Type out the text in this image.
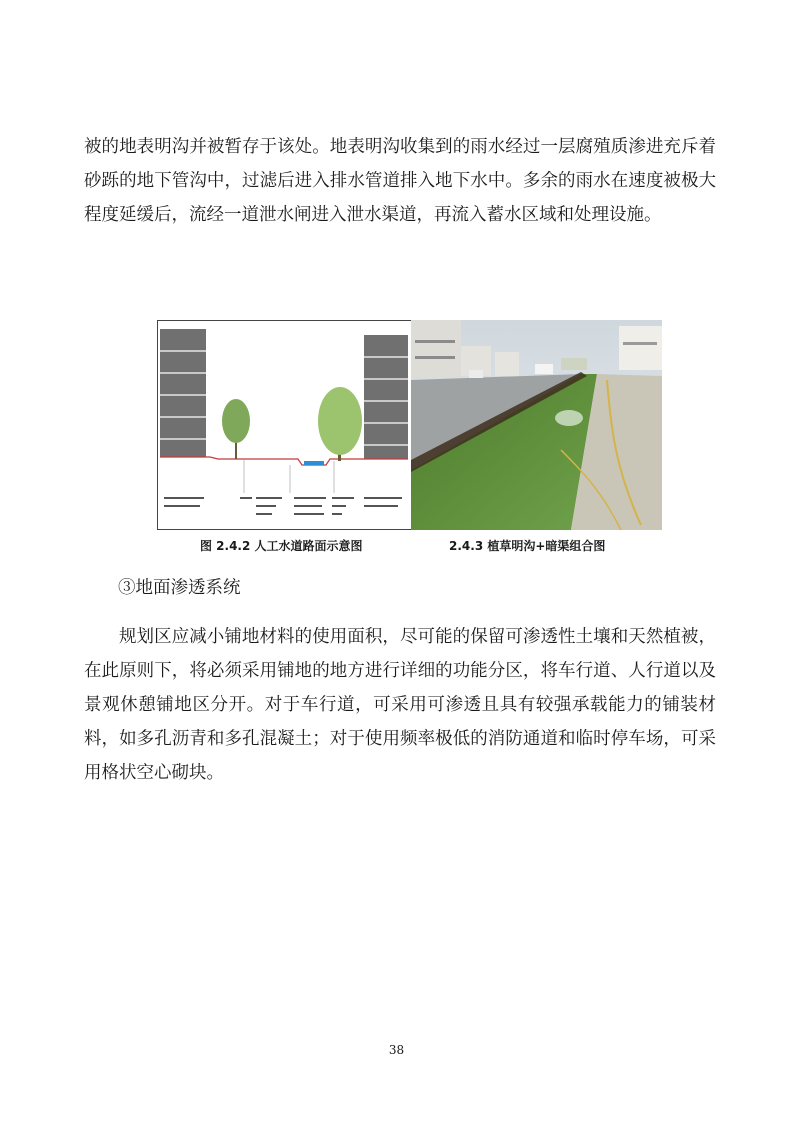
被的地表明沟并被暂存于该处。地表明沟收集到的雨水经过一层腐殖质渗进充斥着砂跞的地下管沟中，过滤后进入排水管道排入地下水中。多余的雨水在速度被极大程度延缓后，流经一道泄水闸进入泄水渠道，再流入蓄水区域和处理设施。

图 2.4.2 人工水道路面示意图	2.4.3 植草明沟+暗渠组合图

③地面渗透系统

规划区应减小铺地材料的使用面积，尽可能的保留可渗透性土壤和天然植被，在此原则下，将必须采用铺地的地方进行详细的功能分区，将车行道、人行道以及景观休憩铺地区分开。对于车行道，可采用可渗透且具有较强承载能力的铺装材料，如多孔沥青和多孔混凝土；对于使用频率极低的消防通道和临时停车场，可采用格状空心砌块。

38
